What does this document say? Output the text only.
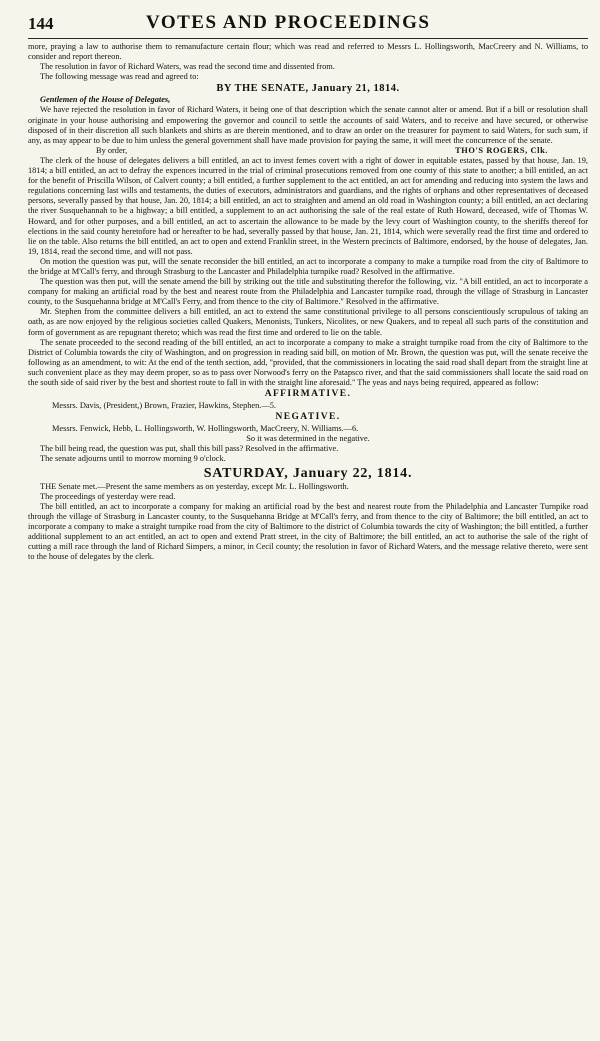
144	VOTES AND PROCEEDINGS

more, praying a law to authorise them to remanufacture certain flour; which was read and referred to Messrs L. Hollingsworth, MacCreery and N. Williams, to consider and report thereon.

The resolution in favor of Richard Waters, was read the second time and dissented from.

The following message was read and agreed to:

BY THE SENATE, January 21, 1814.

Gentlemen of the House of Delegates,

We have rejected the resolution in favor of Richard Waters, it being one of that description which the senate cannot alter or amend. But if a bill or resolution shall originate in your house authorising and empowering the governor and council to settle the accounts of said Waters, and to receive and have secured, or otherwise disposed of in their discretion all such blankets and shirts as are therein mentioned, and to draw an order on the treasurer for payment to said Waters, for such sum, if any, as may appear to be due to him unless the general government shall have made provision for paying the same, it will meet the concurrence of the senate.

By order,	THO'S ROGERS, Clk.

The clerk of the house of delegates delivers a bill entitled, an act to invest femes covert with a right of dower in equitable estates, passed by that house, Jan. 19, 1814; a bill entitled, an act to defray the expences incurred in the trial of criminal prosecutions removed from one county of this state to another; a bill entitled, an act for the benefit of Priscilla Wilson, of Calvert county; a bill entitled, a further supplement to the act entitled, an act for amending and reducing into system the laws and regulations concerning last wills and testaments, the duties of executors, administrators and guardians, and the rights of orphans and other representatives of deceased persons, severally passed by that house, Jan. 20, 1814; a bill entitled, an act to straighten and amend an old road in Washington county; a bill entitled, an act declaring the river Susquehannah to be a highway; a bill entitled, a supplement to an act authorising the sale of the real estate of Ruth Howard, deceased, wife of Thomas W. Howard, and for other purposes, and a bill entitled, an act to ascertain the allowance to be made by the levy court of Washington county, to the sheriffs thereof for elections in the said county heretofore had or hereafter to be had, severally passed by that house, Jan. 21, 1814, which were severally read the first time and ordered to lie on the table. Also returns the bill entitled, an act to open and extend Franklin street, in the Western precincts of Baltimore, endorsed, by the house of delegates, Jan. 19, 1814, read the second time, and will not pass.

On motion the question was put, will the senate reconsider the bill entitled, an act to incorporate a company to make a turnpike road from the city of Baltimore to the bridge at M'Call's ferry, and through Strasburg to the Lancaster and Philadelphia turnpike road? Resolved in the affirmative.

The question was then put, will the senate amend the bill by striking out the title and substituting therefor the following, viz. "A bill entitled, an act to incorporate a company for making an artificial road by the best and nearest route from the Philadelphia and Lancaster turnpike road, through the village of Strasburg in Lancaster county, to the Susquehanna bridge at M'Call's Ferry, and from thence to the city of Baltimore." Resolved in the affirmative.

Mr. Stephen from the committee delivers a bill entitled, an act to extend the same constitutional privilege to all persons conscientiously scrupulous of taking an oath, as are now enjoyed by the religious societies called Quakers, Menonists, Tunkers, Nicolites, or new Quakers, and to repeal all such parts of the constitution and form of government as are repugnant thereto; which was read the first time and ordered to lie on the table.

The senate proceeded to the second reading of the bill entitled, an act to incorporate a company to make a straight turnpike road from the city of Baltimore to the District of Columbia towards the city of Washington, and on progression in reading said bill, on motion of Mr. Brown, the question was put, will the senate receive the following as an amendment, to wit: At the end of the tenth section, add, "provided, that the commissioners in locating the said road shall depart from the straight line at such convenient place as they may deem proper, so as to pass over Norwood's ferry on the Patapsco river, and that the said commissioners shall locate the said road on the south side of said river by the best and shortest route to fall in with the straight line aforesaid." The yeas and nays being required, appeared as follow:

AFFIRMATIVE.

Messrs. Davis, (President,) Brown, Frazier, Hawkins, Stephen.—5.

NEGATIVE.

Messrs. Fenwick, Hebb, L. Hollingsworth, W. Hollingsworth, MacCreery, N. Williams.—6.

So it was determined in the negative.

The bill being read, the question was put, shall this bill pass? Resolved in the affirmative.

The senate adjourns until to morrow morning 9 o'clock.

SATURDAY, January 22, 1814.

THE Senate met.—Present the same members as on yesterday, except Mr. L. Hollingsworth.

The proceedings of yesterday were read.

The bill entitled, an act to incorporate a company for making an artificial road by the best and nearest route from the Philadelphia and Lancaster Turnpike road through the village of Strasburg in Lancaster county, to the Susquehanna Bridge at M'Call's ferry, and from thence to the city of Baltimore; the bill entitled, an act to incorporate a company to make a straight turnpike road from the city of Baltimore to the district of Columbia towards the city of Washington; the bill entitled, a further additional supplement to an act entitled, an act to open and extend Pratt street, in the city of Baltimore; the bill entitled, an act to authorise the sale of the right of cutting a mill race through the land of Richard Simpers, a minor, in Cecil county; the resolution in favor of Richard Waters, and the message relative thereto, were sent to the house of delegates by the clerk.
